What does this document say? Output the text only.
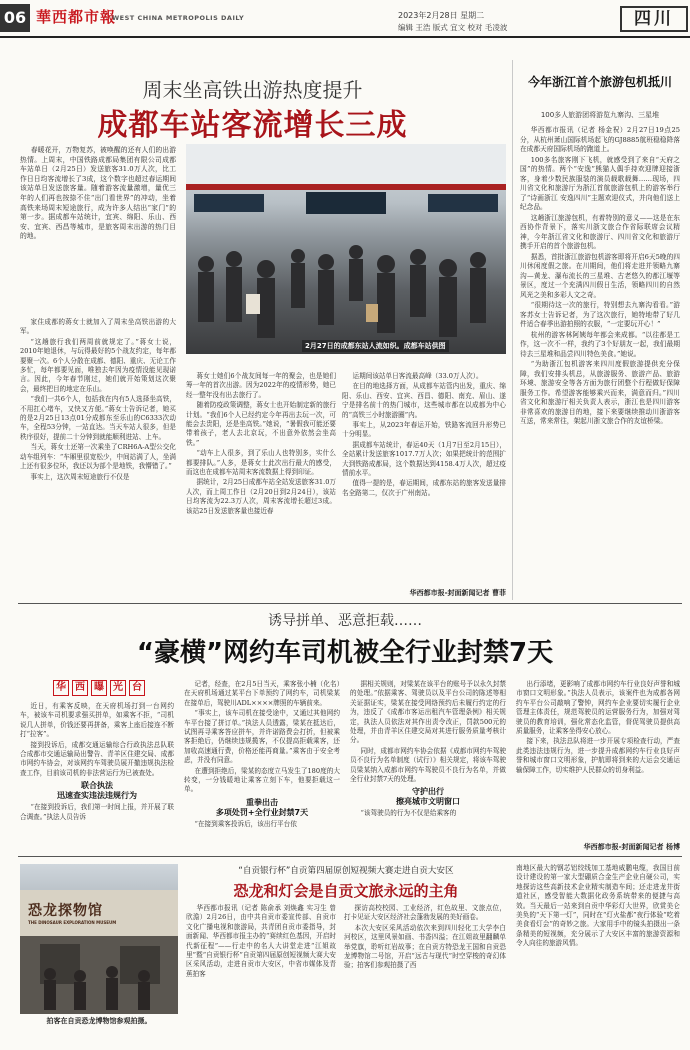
06 華西都市報
WEST CHINA METROPOLIS DAILY	2023年2月28日 星期二
编辑 王浩 版式 宜文 校对 毛凌波	四川
周末坐高铁出游热度提升
成都车站客流增长三成

春暖花开，万物复苏，被唤醒的还有人们的出游热情。上周末，中国铁路成都局集团有限公司成都车站单日（2月25日）发送旅客31.0万人次，比工作日日均客流增长了3成，这个数字也超过春运期间该站单日发送旅客量。随着游客流量激增，量优三年的人们再也按捺不住“出门看世界”的冲动，坐着高铁来场周末短途旅行，成为许多人结出“家门”的第一步。据成都车站统计，宜宾、绵阳、乐山、西安、宜宾、西昌等城市，是旅客周末出游的热门目的地。

2月27日的成都东站人流如织。成都车站供图

家住成都的蒋女士就加入了周末坐高铁出游的大军。

“这趟旅行我们两周前就规定了。”蒋女士说，2010年她退休，与玩得最好的5个战友约定，每年都要聚一次。6个人分散在成都、德阳、重庆、无论工作多忙，每年都要见面，唯独去年因为疫情没能见现诺言。因此，今年春节刚过，她们就开始策划这次聚会，最终把目的地定在乐山。

“我们一共6个人，包括我在内有5人选择坐高铁，不用扛心堵车，又快又方便。”蒋女士告诉记者，她买的是2月25日13点01分成都东至乐山的C6333次动车，全程53分钟，一站直达。当天车站人很多，但是秩序很好，提前二十分钟到就能顺利进站、上车。

当天，蒋女士还第一次乘坐了CRH6A-A型公交化动车组列车：“车厢里很宽松少，中间站满了人，坐满上还有很多位环，我还以为部个是地铁，我懵错了。”

事实上，这次周末短途旅行不仅是

蒋女士她们6个战友间每一年的聚会，也是她们筹一年的首次出游。因为2022年的疫情形势，她已经一整年没有出去旅行了。

随着防疫政策调整，蒋女士也开始制定新的旅行计划。“我们6个人已经约定今年再出去玩一次，可能会去贵阳，还是坐高铁。”她说，“暑假我可能还要带着孩子，老人去北京玩，不出意外依然会坐高铁。”

“动车上人很多，到了乐山人也特别多，实什么都要排队。”人多，是蒋女士此次出行最大的感受，而这也在成都车站周末客流数据上得到印证。

据统计，2月25日成都车站全站发送旅客31.0万人次，而上周工作日（2月20日到2月24日），该站日均客流为22.3万人次，周末客流增长超过3成。该站25日发送旅客量也接近春

运期间该站单日客流最高峰（33.0万人次）。

在目的地选择方面，从成都车站管内出发，重庆、绵阳、乐山、西安、宜宾、西昌、德阳、南充、眉山、遂宁是排名前十的热门城市，这些城市都在以成都为中心的“高铁三小时旅游圈”内。

事实上，从2023年春运开始，铁路客流回升形势已十分明显。

据成都车站统计，春运40天（1月7日至2月15日），全站累计发送旅客1017.7万人次；如果把统计的范围扩大到铁路成都局，这个数据达到4158.4万人次，超过疫情前水平。

值得一提的是，春运期间，成都东站的旅客发送量排名全路第二，仅次于广州南站。

华西都市报-封面新闻记者 曹菲
今年浙江首个旅游包机抵川
100多人旅游团将游览九寨沟、三星堆

华西都市报讯（记者 杨金祝）2月27日19点25分，从杭州萧山国际机场起飞的GJ8885航班稳稳降落在成都天府国际机场的跑道上。

100多名旅客刚下飞机，就感受到了来自“天府之国”的热情。两个“安逸”熊猫人偶手持欢迎牌迎接浙客，身着少数民族服装的演员载歌载舞……现场，四川省文化和旅游厅为浙江首航旅游包机上的游客举行了“诗画浙江 安逸四川”主题欢迎仪式，并向他们送上纪念品。

这趟浙江旅游包机，有着特别的意义——这是在东西协作背景下，落实川浙文旅合作省际联席会议精神，今年浙江省文化和旅游厅、四川省文化和旅游厅携手开启的首个旅游包机。

据悉，首批浙江旅游包机游客即将开启6天5晚的四川休闲度假之旅。在川期间，他们将走进并领略九寨沟—黄龙、瀑布流长的三星堆、古老悠久的都江堰等景区，度过一个充满四川假日生活，领略四川的自然风光之美和多彩人文之奇。

“很期待这一次的旅行，特别想去九寨沟看看。”游客苏女士告诉记者，为了这次旅行，她特地带了好几件适合春季出游拍照的衣服，“一定要玩开心！”

杭州的游客林阿姨每年都会来成都。“以往都是工作，这一次不一样，我约了3个好朋友一起，我们最期待去三星堆和品尝四川特色美食。”她说。

“为助浙江包机游客来四川度假旅游提供充分保障，我们安排头机总，从旅游服务、旅游产品、旅游环境、旅游安全等各方面为旅行团整个行程做好保障服务工作。希望游客能够乘兴而来，满意而归。”四川省文化和旅游厅相关负责人表示，浙江也是四川游客非常喜欢的旅游目的地，接下来要继续推动川浙游客互送，常来常往，架起川浙文旅合作的友谊桥梁。

诱导拼单、恶意拒载……
“豪横”网约车司机被全行业封禁7天
华 西 曝 光 台

近日，有乘客反映，在天府机场打到一台网约车，被该车司机要求强买拼单，如乘客不拒，“司机说几人拼单，价钱还要再拼备，乘客上座后接连不断打“拉客”。

接到投诉后，成都交通运输综合行政执法总队联合成都市交通运输局出警告、青羊区住建交局、成都市网约车协会，对该网约车驾驶员展开撤违规执法检查工作，目前该司机的非法营运行为已被查处。

联合执法
迅速查实违法违规行为

“在接到投诉后，我们第一时间上报，并开展了联合调查。”执法人员告诉

记者，经查，在2月5日当天，乘客张小楠（化名）在天府机场通过某平台下单预约了网约车，司机梁某在接单后，驾驶川ADL××××牌照的车辆前来。

“事实上，该车司机在接受途中，又通过其他网约车平台接了拼订单。”执法人员透露，梁某在抵达后，试图再寻乘客答应拼车，并许诺路费会打折，但被乘客拒绝后，仍继续违规揽客，不仅提高拒载乘客，还加收高速通行费，价格还能再商量。”乘客由于安全考虑，并没有同意。

在遭到拒绝后，梁某的态度立马发生了180度的大转变，一分钱暖地让乘客立刻下车，他要拒载这一单。

重拳出击
多项处罚+全行业封禁7天

“在接到乘客投诉后，该出行平台依

据相关规则，对梁某在该平台的账号予以永久封禁的处理。”依据乘客、驾驶员以及平台公司的陈述等相关证据证实，梁某在接受网络预约后未履行约定的行为，违反了《成都市客运出租汽车管理条例》相关规定，执法人员依法对其作出责令改正，罚款500元的处理，并由青羊区住建交局对其进行服务质量考核计分。

同时，成都市网约车协会依据《成都市网约车驾驶员不良行为名单制度（试行）》相关规定，将该车驾驶员梁某纳入成都市网约车驾驶员不良行为名单，并做全行业封禁7天的处理。

守护出行
擦亮城市文明窗口

“该驾驶员的行为不仅是给乘客的

出行添堵，更影响了成都市网约车行业良好声誉和城市窗口文明形象。”执法人员表示，该案件也为成都各网约车平台公司敲响了警钟，网约车企业要切实履行企业管理主体责任，规范驾驶员的运营服务行为，加强对驾驶员的教育培训，强化常态化监管，督促驾驶员提供高质量服务，让乘客坐得安心放心。

接下来，执法总队将进一步开展专项检查行动，严查此类违法违规行为，进一步提升成都网约车行业良好声誉和城市窗口文明形象，护航即将到来的大运会交通运输保障工作，切实维护人民群众的切身利益。

华西都市报-封面新闻记者 杨博
恐龙探物馆
THE DINOSAUR EXPLORATION MUSEUM
拍客在自贡恐龙博物馆参观拍摄。
“自贡银行杯”自贡第四届原创短视频大赛走进自贡大安区
恐龙和灯会是自贡文旅永远的主角

华西都市报讯（记者 陈俞承 刘焕鑫 实习生 曾欣澹）2月26日，由中共自贡市委宣传部、自贡市文化广播电视和旅游局，共青团自贡市委指导，封面新闻、华西都市报主办的“赛续红色基因，开启时代新征程”——行走中的名人大讲堂走进“江姐故里”暨“自贡银行杯”自贡第四届原创短视频大赛大安区采风活动，走进自贡市大安区，中省市媒体及青蕉拍客

探访高校校园、工业经济，红色故里、文旅点位，打卡见证大安区经济社会蓬勃发展的美好画卷。

本次大安区采风活动依次来到四川轻化工大学李白河校区，这里风景如画、书香四溢；在江姐故里翻麟单举党旗，聆听红岩故事；在自贡方特恐龙王国和自贡恐龙博物馆二号馆，开启“远古与现代”时空穿梭的奇幻体验；拍客们参观拍摄了西

南地区最大的钢芯铝绞线加工基地威鹏电缆，我国目前设计建设的第一家大型硼质合金生产企业自硬公司，实地探访这些高新技术企业精实制造车间；还走进龙井街道社区，感受智能大数据化政务系统带来的便捷与高效。当天最后一站来到自贡中华彩灯大世界，欣赏美仑美奂的“天下第一灯”，同时在“灯火盐都”夜行体验“吃着美食看灯会”的奇妙之旅。大家用手中的镜头拍摄出一条条精美的短视频，充分展示了大安区丰富的旅游资源和令人向往的旅游风情。
